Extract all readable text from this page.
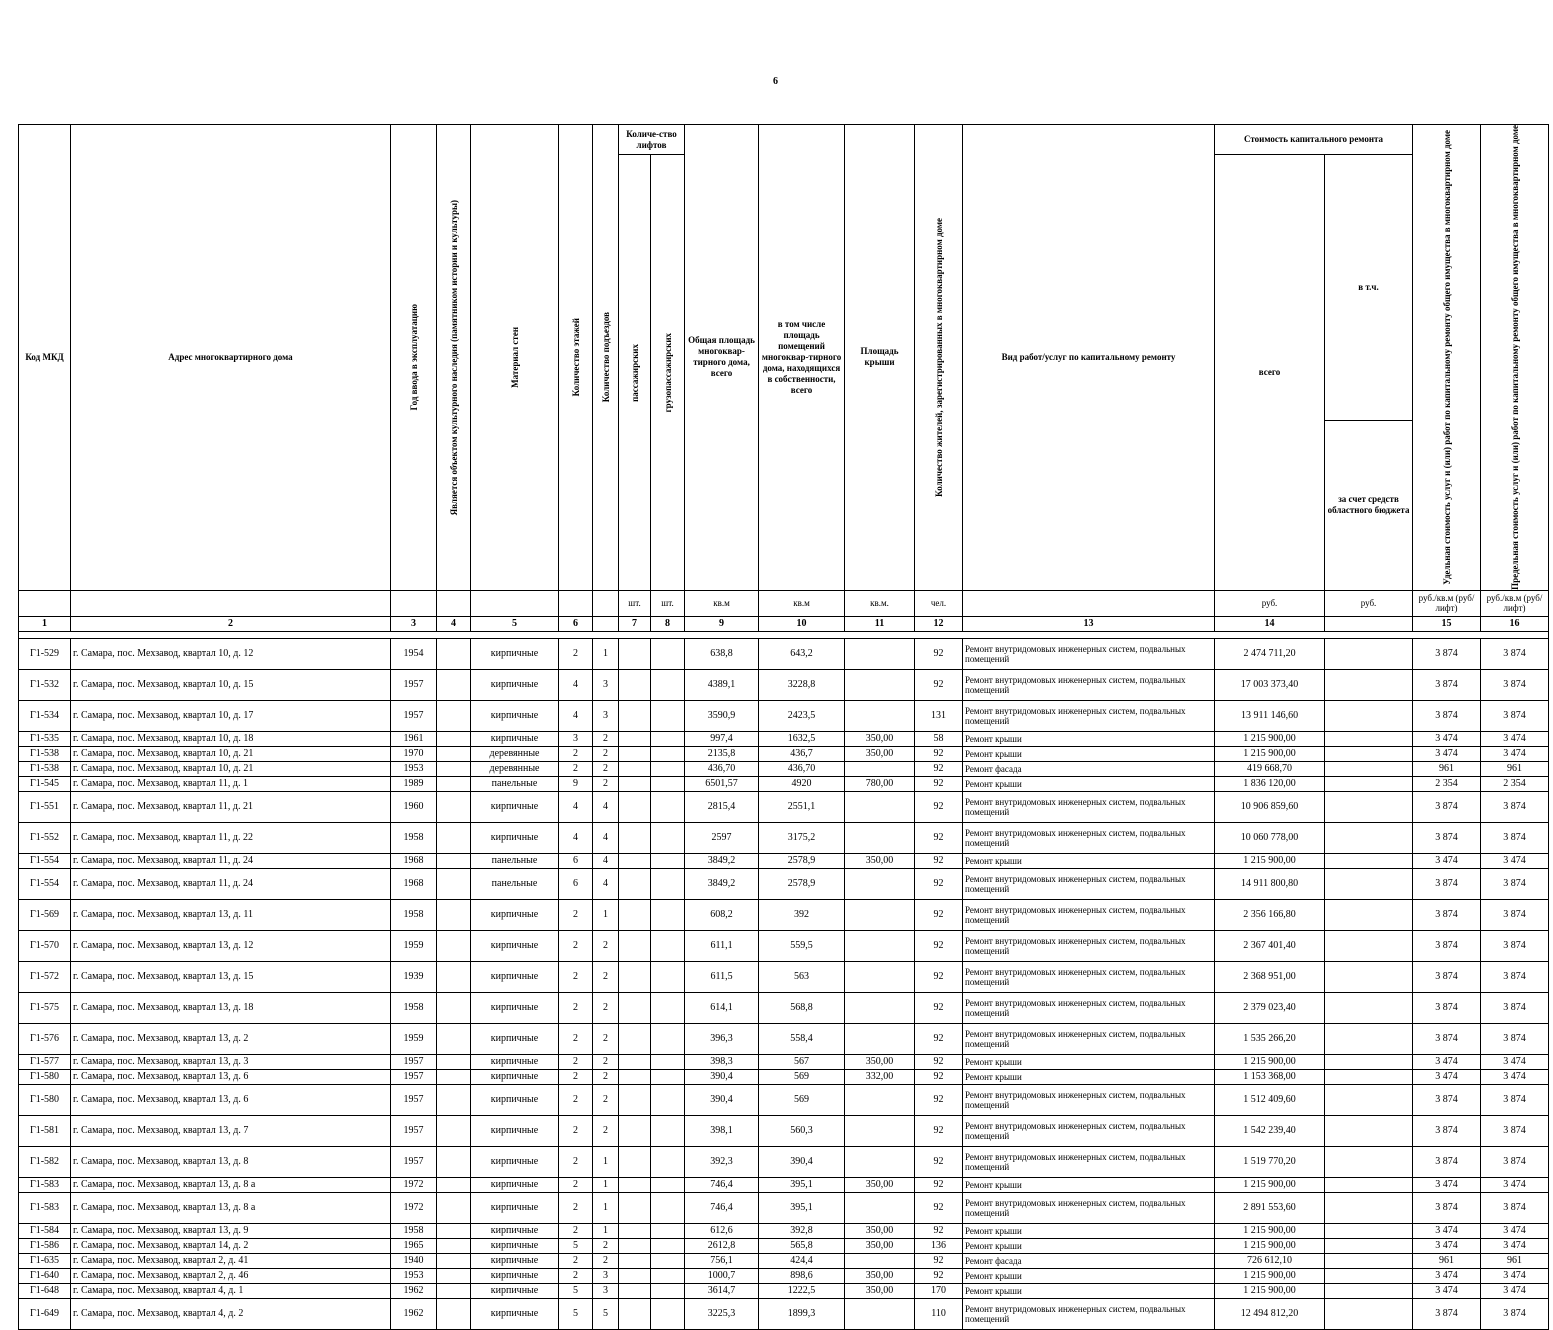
6
Код МКД	Адрес многоквартирного дома	Год ввода в эксплуатацию	Является объектом культурного наследия (памятником истории и культуры)	Материал стен	Количество этажей	Количество подъездов	Количе-ство лифтов		Общая площадь многоквар-тирного дома, всего	в том числе площадь помещений многоквар-тирного дома, находящихся в собственности, всего	Площадь крыши	Количество жителей, зарегистрированных в многоквартирном доме	Вид работ/услуг по капитальному ремонту	Стоимость капитального ремонта		Удельная стоимость услуг и (или) работ по капитальному ремонту общего имущества в многоквартирном доме	Предельная стоимость услуг и (или) работ по капитальному ремонту общего имущества в многоквартирном доме

							пассажирских	грузопассажирских						всего	в т.ч.		
															за счет средств областного бюджета		
							шт.	шт.	кв.м	кв.м	кв.м.	чел.		руб.	руб.	руб./кв.м (руб/лифт)	руб./кв.м (руб/лифт)
1	2	3	4	5	6		7	8	9	10	11	12	13	14		15	16

Г1-529	г. Самара, пос. Мехзавод, квартал 10, д. 12	1954		кирпичные	2	1			638,8	643,2		92	Ремонт внутридомовых инженерных систем, подвальных помещений	2 474 711,20		3 874	3 874
Г1-532	г. Самара, пос. Мехзавод, квартал 10, д. 15	1957		кирпичные	4	3			4389,1	3228,8		92	Ремонт внутридомовых инженерных систем, подвальных помещений	17 003 373,40		3 874	3 874
Г1-534	г. Самара, пос. Мехзавод, квартал 10, д. 17	1957		кирпичные	4	3			3590,9	2423,5		131	Ремонт внутридомовых инженерных систем, подвальных помещений	13 911 146,60		3 874	3 874
Г1-535	г. Самара, пос. Мехзавод, квартал 10, д. 18	1961		кирпичные	3	2			997,4	1632,5	350,00	58	Ремонт крыши	1 215 900,00		3 474	3 474
Г1-538	г. Самара, пос. Мехзавод, квартал 10, д. 21	1970		деревянные	2	2			2135,8	436,7	350,00	92	Ремонт крыши	1 215 900,00		3 474	3 474
Г1-538	г. Самара, пос. Мехзавод, квартал 10, д. 21	1953		деревянные	2	2			436,70	436,70		92	Ремонт фасада	419 668,70		961	961
Г1-545	г. Самара, пос. Мехзавод, квартал 11, д. 1	1989		панельные	9	2			6501,57	4920	780,00	92	Ремонт крыши	1 836 120,00		2 354	2 354
Г1-551	г. Самара, пос. Мехзавод, квартал 11, д. 21	1960		кирпичные	4	4			2815,4	2551,1		92	Ремонт внутридомовых инженерных систем, подвальных помещений	10 906 859,60		3 874	3 874
Г1-552	г. Самара, пос. Мехзавод, квартал 11, д. 22	1958		кирпичные	4	4			2597	3175,2		92	Ремонт внутридомовых инженерных систем, подвальных помещений	10 060 778,00		3 874	3 874
Г1-554	г. Самара, пос. Мехзавод, квартал 11, д. 24	1968		панельные	6	4			3849,2	2578,9	350,00	92	Ремонт крыши	1 215 900,00		3 474	3 474
Г1-554	г. Самара, пос. Мехзавод, квартал 11, д. 24	1968		панельные	6	4			3849,2	2578,9		92	Ремонт внутридомовых инженерных систем, подвальных помещений	14 911 800,80		3 874	3 874
Г1-569	г. Самара, пос. Мехзавод, квартал 13, д. 11	1958		кирпичные	2	1			608,2	392		92	Ремонт внутридомовых инженерных систем, подвальных помещений	2 356 166,80		3 874	3 874
Г1-570	г. Самара, пос. Мехзавод, квартал 13, д. 12	1959		кирпичные	2	2			611,1	559,5		92	Ремонт внутридомовых инженерных систем, подвальных помещений	2 367 401,40		3 874	3 874
Г1-572	г. Самара, пос. Мехзавод, квартал 13, д. 15	1939		кирпичные	2	2			611,5	563		92	Ремонт внутридомовых инженерных систем, подвальных помещений	2 368 951,00		3 874	3 874
Г1-575	г. Самара, пос. Мехзавод, квартал 13, д. 18	1958		кирпичные	2	2			614,1	568,8		92	Ремонт внутридомовых инженерных систем, подвальных помещений	2 379 023,40		3 874	3 874
Г1-576	г. Самара, пос. Мехзавод, квартал 13, д. 2	1959		кирпичные	2	2			396,3	558,4		92	Ремонт внутридомовых инженерных систем, подвальных помещений	1 535 266,20		3 874	3 874
Г1-577	г. Самара, пос. Мехзавод, квартал 13, д. 3	1957		кирпичные	2	2			398,3	567	350,00	92	Ремонт крыши	1 215 900,00		3 474	3 474
Г1-580	г. Самара, пос. Мехзавод, квартал 13, д. 6	1957		кирпичные	2	2			390,4	569	332,00	92	Ремонт крыши	1 153 368,00		3 474	3 474
Г1-580	г. Самара, пос. Мехзавод, квартал 13, д. 6	1957		кирпичные	2	2			390,4	569		92	Ремонт внутридомовых инженерных систем, подвальных помещений	1 512 409,60		3 874	3 874
Г1-581	г. Самара, пос. Мехзавод, квартал 13, д. 7	1957		кирпичные	2	2			398,1	560,3		92	Ремонт внутридомовых инженерных систем, подвальных помещений	1 542 239,40		3 874	3 874
Г1-582	г. Самара, пос. Мехзавод, квартал 13, д. 8	1957		кирпичные	2	1			392,3	390,4		92	Ремонт внутридомовых инженерных систем, подвальных помещений	1 519 770,20		3 874	3 874
Г1-583	г. Самара, пос. Мехзавод, квартал 13, д. 8 а	1972		кирпичные	2	1			746,4	395,1	350,00	92	Ремонт крыши	1 215 900,00		3 474	3 474
Г1-583	г. Самара, пос. Мехзавод, квартал 13, д. 8 а	1972		кирпичные	2	1			746,4	395,1		92	Ремонт внутридомовых инженерных систем, подвальных помещений	2 891 553,60		3 874	3 874
Г1-584	г. Самара, пос. Мехзавод, квартал 13, д. 9	1958		кирпичные	2	1			612,6	392,8	350,00	92	Ремонт крыши	1 215 900,00		3 474	3 474
Г1-586	г. Самара, пос. Мехзавод, квартал 14, д. 2	1965		кирпичные	5	2			2612,8	565,8	350,00	136	Ремонт крыши	1 215 900,00		3 474	3 474
Г1-635	г. Самара, пос. Мехзавод, квартал 2, д. 41	1940		кирпичные	2	2			756,1	424,4		92	Ремонт фасада	726 612,10		961	961
Г1-640	г. Самара, пос. Мехзавод, квартал 2, д. 46	1953		кирпичные	2	3			1000,7	898,6	350,00	92	Ремонт крыши	1 215 900,00		3 474	3 474
Г1-648	г. Самара, пос. Мехзавод, квартал 4, д. 1	1962		кирпичные	5	3			3614,7	1222,5	350,00	170	Ремонт крыши	1 215 900,00		3 474	3 474
Г1-649	г. Самара, пос. Мехзавод, квартал 4, д. 2	1962		кирпичные	5	5			3225,3	1899,3		110	Ремонт внутридомовых инженерных систем, подвальных помещений	12 494 812,20		3 874	3 874
